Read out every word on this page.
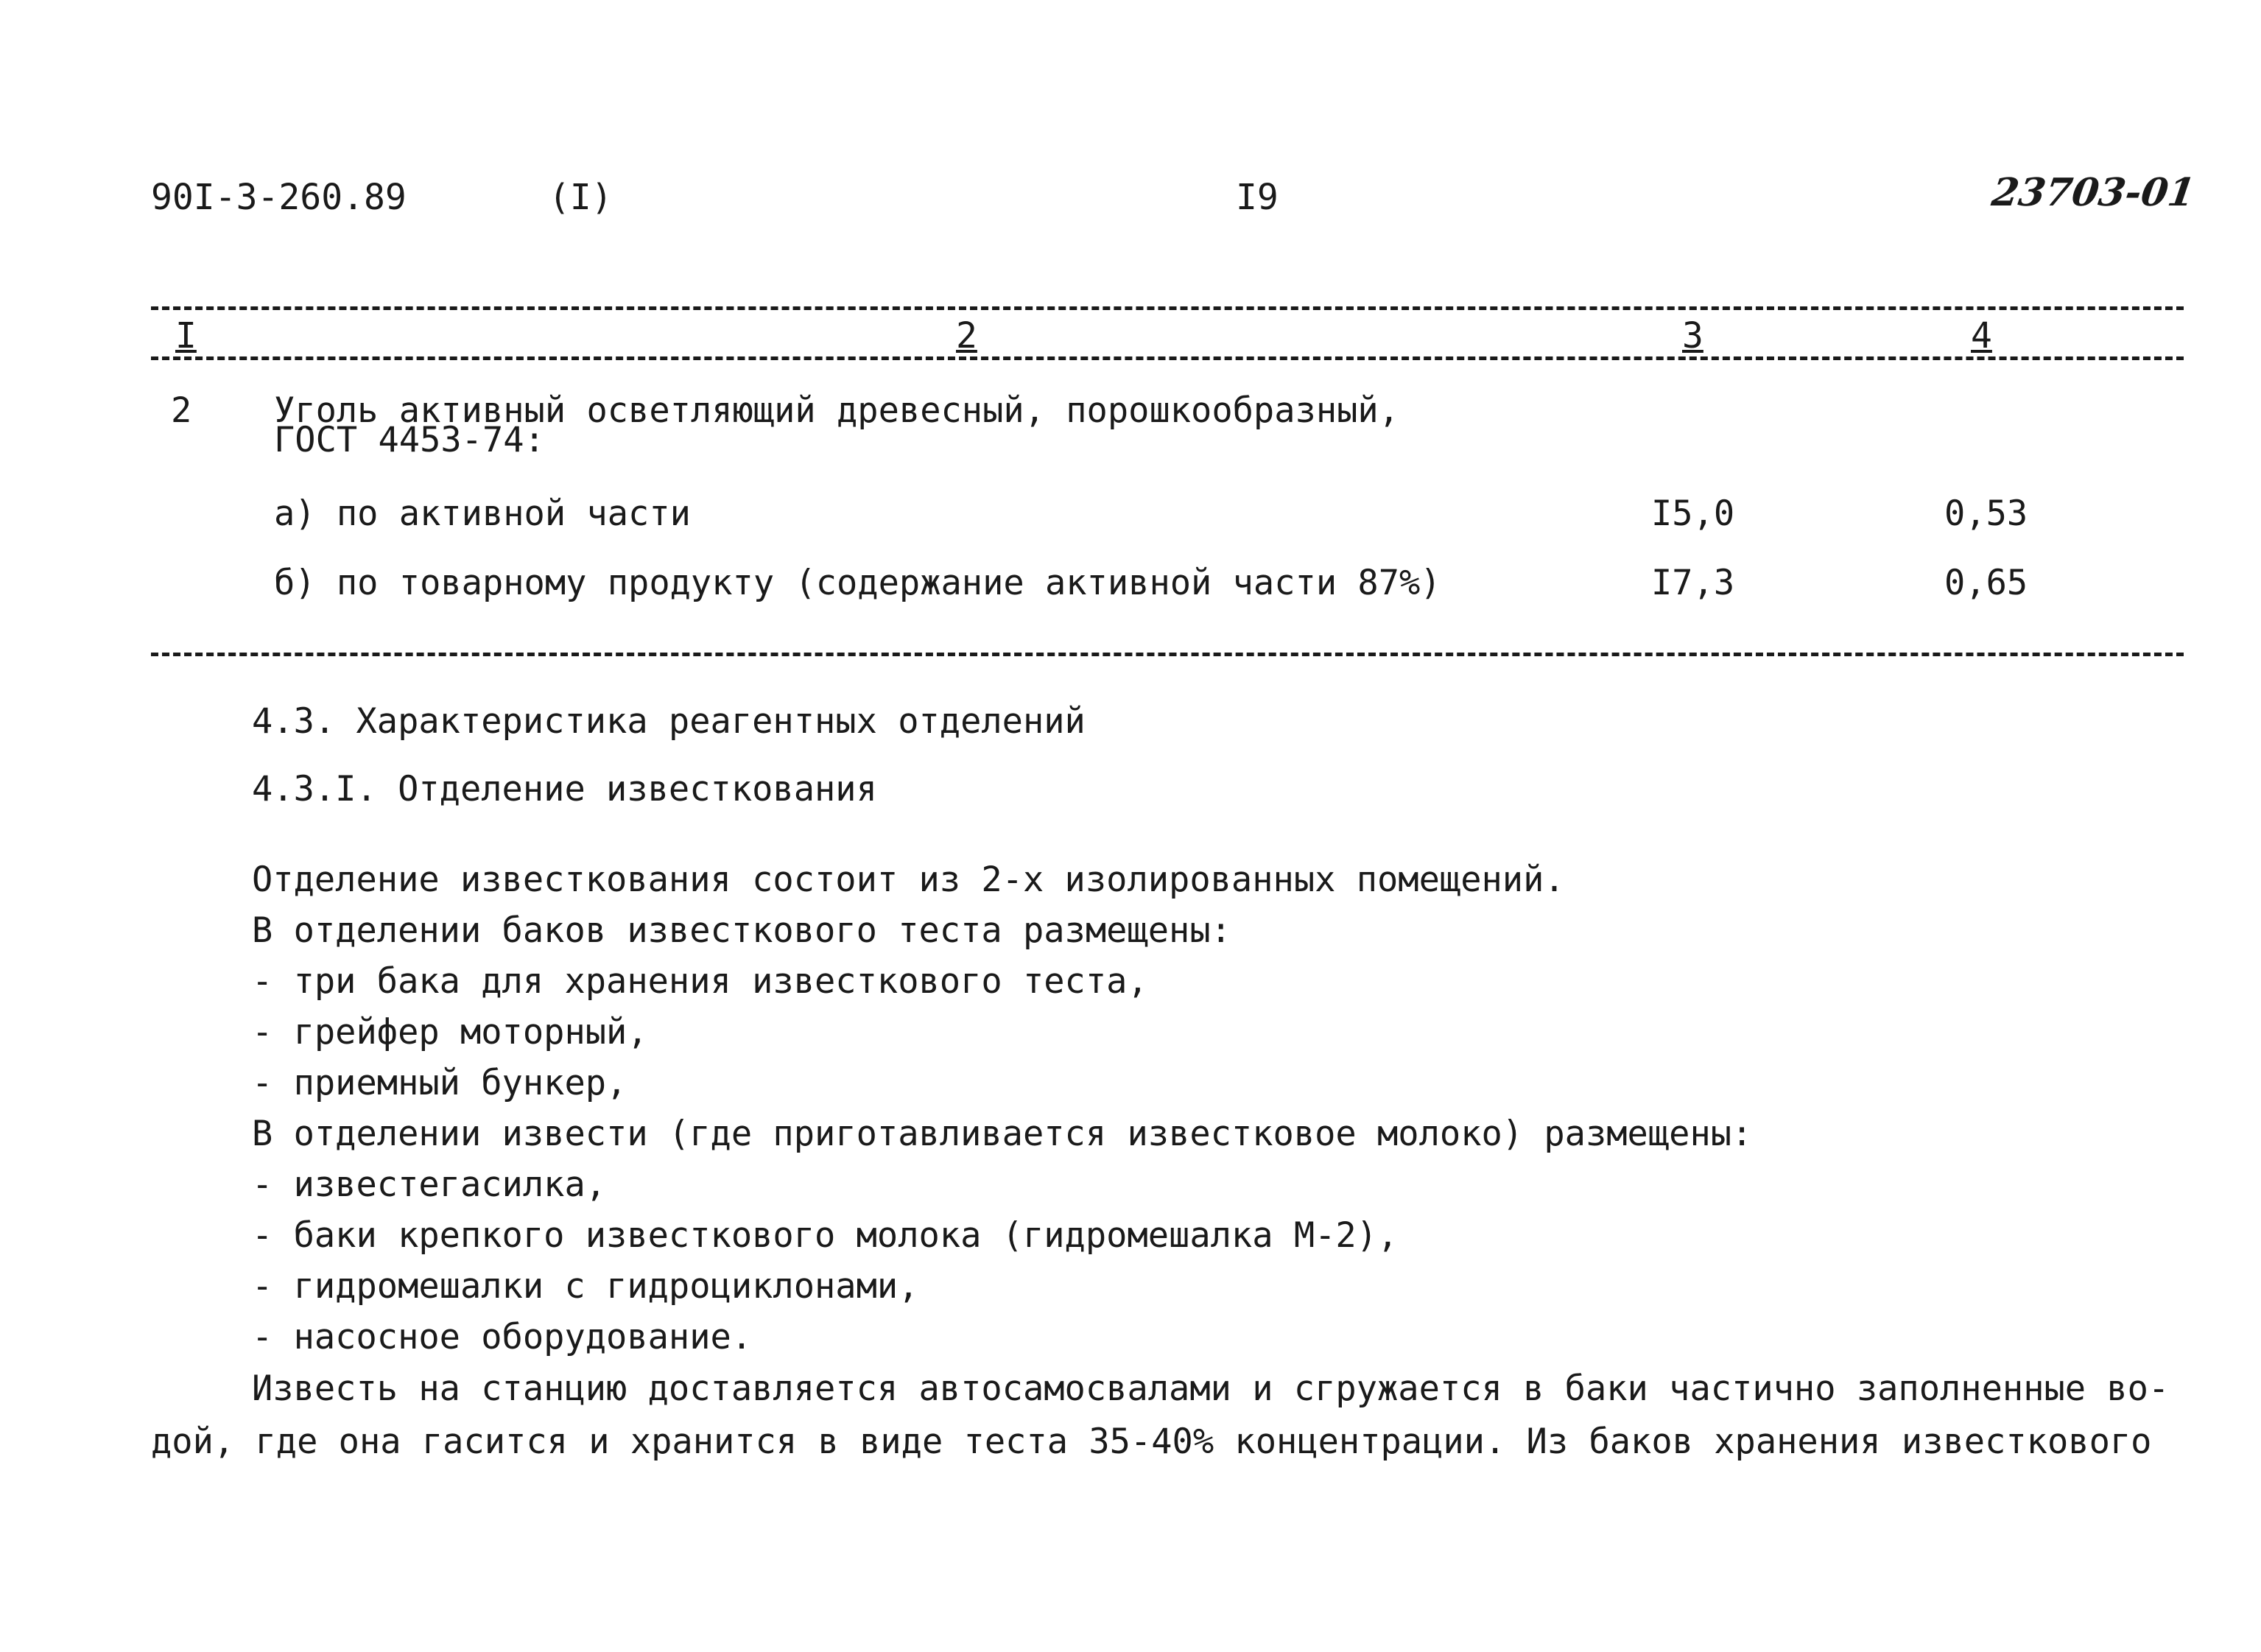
90I-3-260.89	(I)	I9	23703-01
I	2	3	4
2 Уголь активный осветляющий древесный, порошкообразный,
ГОСТ 4453-74:
а) по активной части	I5,0	0,53
б) по товарному продукту (содержание активной части 87%)	I7,3	0,65
4.3. Характеристика реагентных отделений
4.3.I. Отделение известкования
Отделение известкования состоит из 2-х изолированных помещений.
В отделении баков известкового теста размещены:
- три бака для хранения известкового теста,
- грейфер моторный,
- приемный бункер,
В отделении извести (где приготавливается известковое молоко) размещены:
- известегасилка,
- баки крепкого известкового молока (гидромешалка М-2),
- гидромешалки с гидроциклонами,
- насосное оборудование.
Известь на станцию доставляется автосамосвалами и сгружается в баки частично заполненные во-
дой, где она гасится и хранится в виде теста 35-40% концентрации. Из баков хранения известкового
